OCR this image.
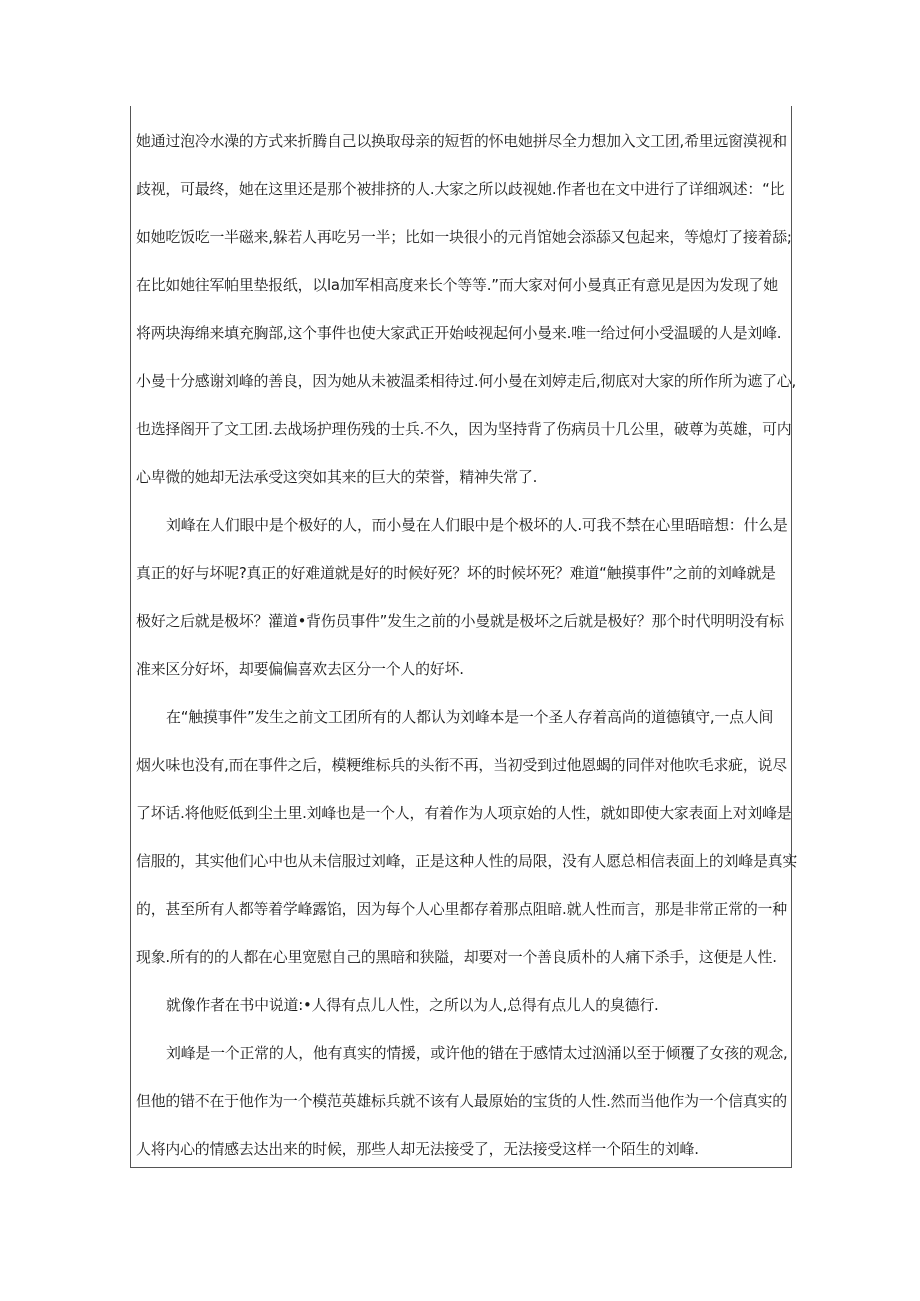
她通过泡冷水澡的方式来折腾自己以换取母亲的短哲的怀电她拼尽全力想加入文工团,希里远窗漠视和
歧视，可最终，她在这里还是那个被排挤的人.大家之所以歧视她.作者也在文中进行了详细飒述：“比
如她吃饭吃一半磁来,躲若人再吃另一半；比如一块很小的元肖馆她会添舔又包起来，等熄灯了接着舔;
在比如她往军帕里垫报纸，以la加军相高度来长个等等.”而大家对何小曼真正有意见是因为发现了她
将两块海绵来填充胸部,这个事件也使大家武正开始岐视起何小曼来.唯一给过何小受温暖的人是刘峰.
小曼十分感谢刘峰的善良，因为她从未被温柔相待过.何小曼在刘婷走后,彻底对大家的所作所为遮了心,
也选择阁开了文工团.去战场护理伤残的士兵.不久，因为坚持背了伤病员十几公里，破尊为英雄，可内
心卑微的她却无法承受这突如其来的巨大的荣誉，精神失常了.
刘峰在人们眼中是个极好的人，而小曼在人们眼中是个极坏的人.可我不禁在心里晤暗想：什么是
真正的好与坏呢?真正的好难道就是好的时候好死？坏的时候坏死？难道“触摸事件”之前的刘峰就是
极好之后就是极坏？灌道•背伤员事件”发生之前的小曼就是极坏之后就是极好？那个时代明明没有标
准来区分好坏，却要偏偏喜欢去区分一个人的好坏.
在“触摸事件”发生之前文工团所有的人都认为刘峰本是一个圣人存着高尚的道德镇守,一点人间
烟火味也没有,而在事件之后，模粳维标兵的头衔不再，当初受到过他恩蝎的同伴对他吹毛求疵，说尽
了坏话.将他贬低到尘土里.刘峰也是一个人，有着作为人项京始的人性，就如即使大家表面上对刘峰是
信服的，其实他们心中也从未信服过刘峰，正是这种人性的局限，没有人愿总相信表面上的刘峰是真实
的，甚至所有人都等着学峰露馅，因为每个人心里都存着那点阻暗.就人性而言，那是非常正常的一种
现象.所有的的人都在心里宽慰自己的黑暗和狭隘，却要对一个善良质朴的人痛下杀手，这便是人性.
就像作者在书中说道:•人得有点儿人性，之所以为人,总得有点儿人的臭德行.
刘峰是一个正常的人，他有真实的情援，或许他的错在于感情太过汹涌以至于倾覆了女孩的观念,
但他的错不在于他作为一个模范英雄标兵就不该有人最原始的宝货的人性.然而当他作为一个信真实的
人将内心的情感去达出来的时候，那些人却无法接受了，无法接受这样一个陌生的刘峰.
